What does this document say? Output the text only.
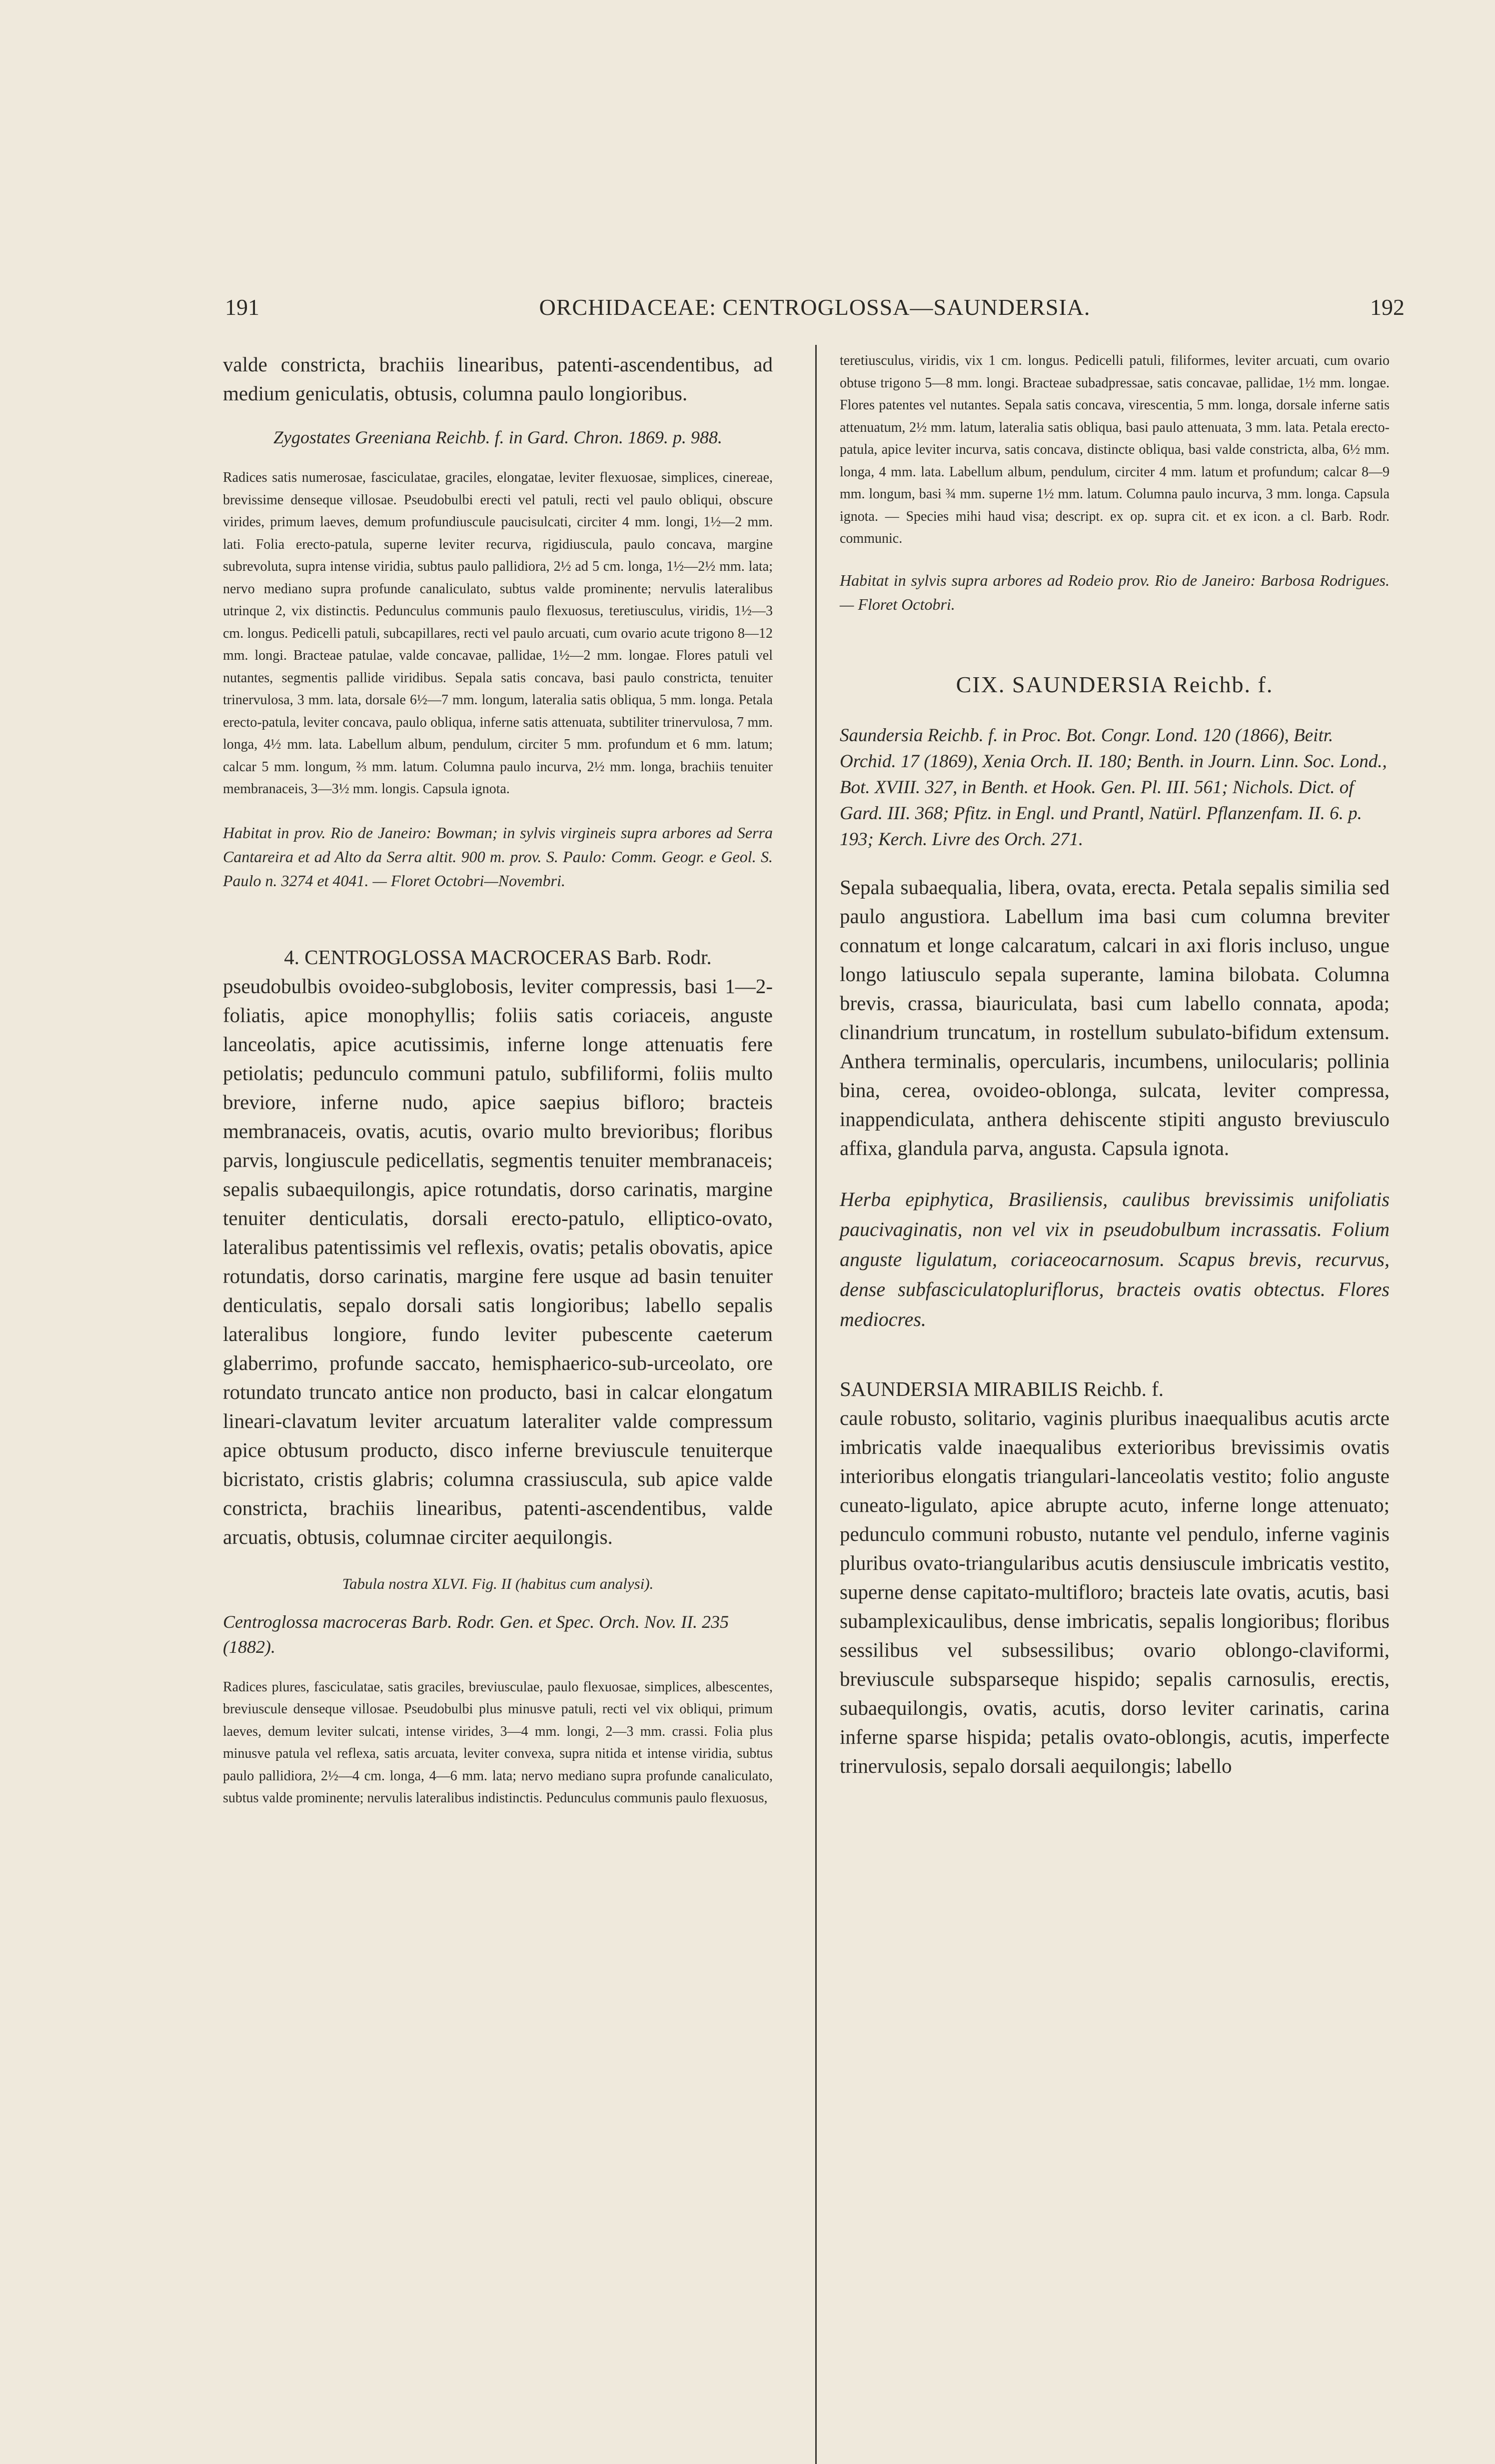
191	ORCHIDACEAE: CENTROGLOSSA—SAUNDERSIA.	192

valde constricta, brachiis linearibus, patenti-ascendentibus, ad medium geniculatis, obtusis, columna paulo longioribus.

Zygostates Greeniana Reichb. f. in Gard. Chron. 1869. p. 988.

Radices satis numerosae, fasciculatae, graciles, elongatae, leviter flexuosae, simplices, cinereae, brevissime denseque villosae. Pseudobulbi erecti vel patuli, recti vel paulo obliqui, obscure virides, primum laeves, demum profundiuscule paucisulcati, circiter 4 mm. longi, 1½—2 mm. lati. Folia erecto-patula, superne leviter recurva, rigidiuscula, paulo concava, margine subrevoluta, supra intense viridia, subtus paulo pallidiora, 2½ ad 5 cm. longa, 1½—2½ mm. lata; nervo mediano supra profunde canaliculato, subtus valde prominente; nervulis lateralibus utrinque 2, vix distinctis. Pedunculus communis paulo flexuosus, teretiusculus, viridis, 1½—3 cm. longus. Pedicelli patuli, subcapillares, recti vel paulo arcuati, cum ovario acute trigono 8—12 mm. longi. Bracteae patulae, valde concavae, pallidae, 1½—2 mm. longae. Flores patuli vel nutantes, segmentis pallide viridibus. Sepala satis concava, basi paulo constricta, tenuiter trinervulosa, 3 mm. lata, dorsale 6½—7 mm. longum, lateralia satis obliqua, 5 mm. longa. Petala erecto-patula, leviter concava, paulo obliqua, inferne satis attenuata, subtiliter trinervulosa, 7 mm. longa, 4½ mm. lata. Labellum album, pendulum, circiter 5 mm. profundum et 6 mm. latum; calcar 5 mm. longum, ⅔ mm. latum. Columna paulo incurva, 2½ mm. longa, brachiis tenuiter membranaceis, 3—3½ mm. longis. Capsula ignota.

Habitat in prov. Rio de Janeiro: Bowman; in sylvis virgineis supra arbores ad Serra Cantareira et ad Alto da Serra altit. 900 m. prov. S. Paulo: Comm. Geogr. e Geol. S. Paulo n. 3274 et 4041. — Floret Octobri—Novembri.

4. CENTROGLOSSA MACROCERAS Barb. Rodr.

pseudobulbis ovoideo-subglobosis, leviter compressis, basi 1—2-foliatis, apice monophyllis; foliis satis coriaceis, anguste lanceolatis, apice acutissimis, inferne longe attenuatis fere petiolatis; pedunculo communi patulo, subfiliformi, foliis multo breviore, inferne nudo, apice saepius bifloro; bracteis membranaceis, ovatis, acutis, ovario multo brevioribus; floribus parvis, longiuscule pedicellatis, segmentis tenuiter membranaceis; sepalis subaequilongis, apice rotundatis, dorso carinatis, margine tenuiter denticulatis, dorsali erecto-patulo, elliptico-ovato, lateralibus patentissimis vel reflexis, ovatis; petalis obovatis, apice rotundatis, dorso carinatis, margine fere usque ad basin tenuiter denticulatis, sepalo dorsali satis longioribus; labello sepalis lateralibus longiore, fundo leviter pubescente caeterum glaberrimo, profunde saccato, hemisphaerico-sub-urceolato, ore rotundato truncato antice non producto, basi in calcar elongatum lineari-clavatum leviter arcuatum lateraliter valde compressum apice obtusum producto, disco inferne breviuscule tenuiterque bicristato, cristis glabris; columna crassiuscula, sub apice valde constricta, brachiis linearibus, patenti-ascendentibus, valde arcuatis, obtusis, columnae circiter aequilongis.

Tabula nostra XLVI. Fig. II (habitus cum analysi).

Centroglossa macroceras Barb. Rodr. Gen. et Spec. Orch. Nov. II. 235 (1882).

Radices plures, fasciculatae, satis graciles, breviusculae, paulo flexuosae, simplices, albescentes, breviuscule denseque villosae. Pseudobulbi plus minusve patuli, recti vel vix obliqui, primum laeves, demum leviter sulcati, intense virides, 3—4 mm. longi, 2—3 mm. crassi. Folia plus minusve patula vel reflexa, satis arcuata, leviter convexa, supra nitida et intense viridia, subtus paulo pallidiora, 2½—4 cm. longa, 4—6 mm. lata; nervo mediano supra profunde canaliculato, subtus valde prominente; nervulis lateralibus indistinctis. Pedunculus communis paulo flexuosus,

teretiusculus, viridis, vix 1 cm. longus. Pedicelli patuli, filiformes, leviter arcuati, cum ovario obtuse trigono 5—8 mm. longi. Bracteae subadpressae, satis concavae, pallidae, 1½ mm. longae. Flores patentes vel nutantes. Sepala satis concava, virescentia, 5 mm. longa, dorsale inferne satis attenuatum, 2½ mm. latum, lateralia satis obliqua, basi paulo attenuata, 3 mm. lata. Petala erecto-patula, apice leviter incurva, satis concava, distincte obliqua, basi valde constricta, alba, 6½ mm. longa, 4 mm. lata. Labellum album, pendulum, circiter 4 mm. latum et profundum; calcar 8—9 mm. longum, basi ¾ mm. superne 1½ mm. latum. Columna paulo incurva, 3 mm. longa. Capsula ignota. — Species mihi haud visa; descript. ex op. supra cit. et ex icon. a cl. Barb. Rodr. communic.

Habitat in sylvis supra arbores ad Rodeio prov. Rio de Janeiro: Barbosa Rodrigues. — Floret Octobri.

CIX. SAUNDERSIA Reichb. f.

Saundersia Reichb. f. in Proc. Bot. Congr. Lond. 120 (1866), Beitr. Orchid. 17 (1869), Xenia Orch. II. 180; Benth. in Journ. Linn. Soc. Lond., Bot. XVIII. 327, in Benth. et Hook. Gen. Pl. III. 561; Nichols. Dict. of Gard. III. 368; Pfitz. in Engl. und Prantl, Natürl. Pflanzenfam. II. 6. p. 193; Kerch. Livre des Orch. 271.

Sepala subaequalia, libera, ovata, erecta. Petala sepalis similia sed paulo angustiora. Labellum ima basi cum columna breviter connatum et longe calcaratum, calcari in axi floris incluso, ungue longo latiusculo sepala superante, lamina bilobata. Columna brevis, crassa, biauriculata, basi cum labello connata, apoda; clinandrium truncatum, in rostellum subulato-bifidum extensum. Anthera terminalis, opercularis, incumbens, unilocularis; pollinia bina, cerea, ovoideo-oblonga, sulcata, leviter compressa, inappendiculata, anthera dehiscente stipiti angusto breviusculo affixa, glandula parva, angusta. Capsula ignota.

Herba epiphytica, Brasiliensis, caulibus brevissimis unifoliatis paucivaginatis, non vel vix in pseudobulbum incrassatis. Folium anguste ligulatum, coriaceocarnosum. Scapus brevis, recurvus, dense subfasciculatopluriflorus, bracteis ovatis obtectus. Flores mediocres.

SAUNDERSIA MIRABILIS Reichb. f.

caule robusto, solitario, vaginis pluribus inaequalibus acutis arcte imbricatis valde inaequalibus exterioribus brevissimis ovatis interioribus elongatis triangulari-lanceolatis vestito; folio anguste cuneato-ligulato, apice abrupte acuto, inferne longe attenuato; pedunculo communi robusto, nutante vel pendulo, inferne vaginis pluribus ovato-triangularibus acutis densiuscule imbricatis vestito, superne dense capitato-multifloro; bracteis late ovatis, acutis, basi subamplexicaulibus, dense imbricatis, sepalis longioribus; floribus sessilibus vel subsessilibus; ovario oblongo-claviformi, breviuscule subsparseque hispido; sepalis carnosulis, erectis, subaequilongis, ovatis, acutis, dorso leviter carinatis, carina inferne sparse hispida; petalis ovato-oblongis, acutis, imperfecte trinervulosis, sepalo dorsali aequilongis; labello
